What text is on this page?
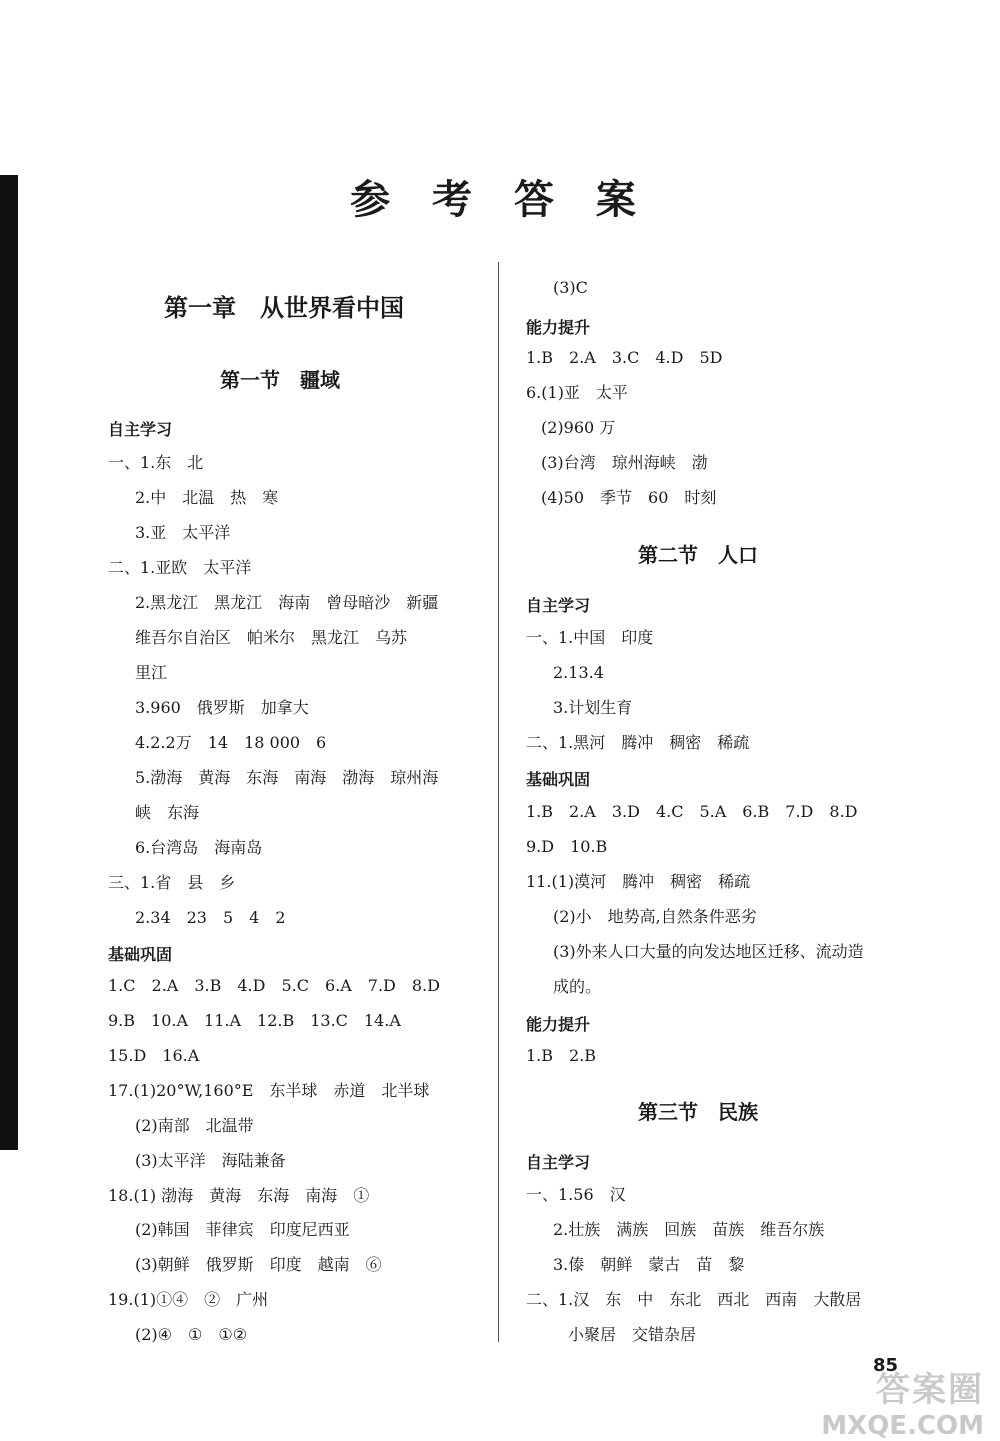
参 考 答 案
第一章　从世界看中国
第一节　疆域
自主学习
一、1.东　北
2.中　北温　热　寒
3.亚　太平洋
二、1.亚欧　太平洋
2.黑龙江　黑龙江　海南　曾母暗沙　新疆
维吾尔自治区　帕米尔　黑龙江　乌苏
里江
3.960　俄罗斯　加拿大
4.2.2万　14　18 000　6
5.渤海　黄海　东海　南海　渤海　琼州海
峡　东海
6.台湾岛　海南岛
三、1.省　县　乡
2.34　23　5　4　2
基础巩固
1.C　2.A　3.B　4.D　5.C　6.A　7.D　8.D
9.B　10.A　11.A　12.B　13.C　14.A
15.D　16.A
17.(1)20°W,160°E　东半球　赤道　北半球
(2)南部　北温带
(3)太平洋　海陆兼备
18.(1) 渤海　黄海　东海　南海　①
(2)韩国　菲律宾　印度尼西亚
(3)朝鲜　俄罗斯　印度　越南　⑥
19.(1)①④　②　广州
(2)④　①　①②
(3)C
能力提升
1.B　2.A　3.C　4.D　5D
6.(1)亚　太平
(2)960 万
(3)台湾　琼州海峡　渤
(4)50　季节　60　时刻
第二节　人口
自主学习
一、1.中国　印度
2.13.4
3.计划生育
二、1.黑河　腾冲　稠密　稀疏
基础巩固
1.B　2.A　3.D　4.C　5.A　6.B　7.D　8.D
9.D　10.B
11.(1)漠河　腾冲　稠密　稀疏
(2)小　地势高,自然条件恶劣
(3)外来人口大量的向发达地区迁移、流动造
成的。
能力提升
1.B　2.B
第三节　民族
自主学习
一、1.56　汉
2.壮族　满族　回族　苗族　维吾尔族
3.傣　朝鲜　蒙古　苗　黎
二、1.汉　东　中　东北　西北　西南　大散居
小聚居　交错杂居
85
答案圈
MXQE.COM
